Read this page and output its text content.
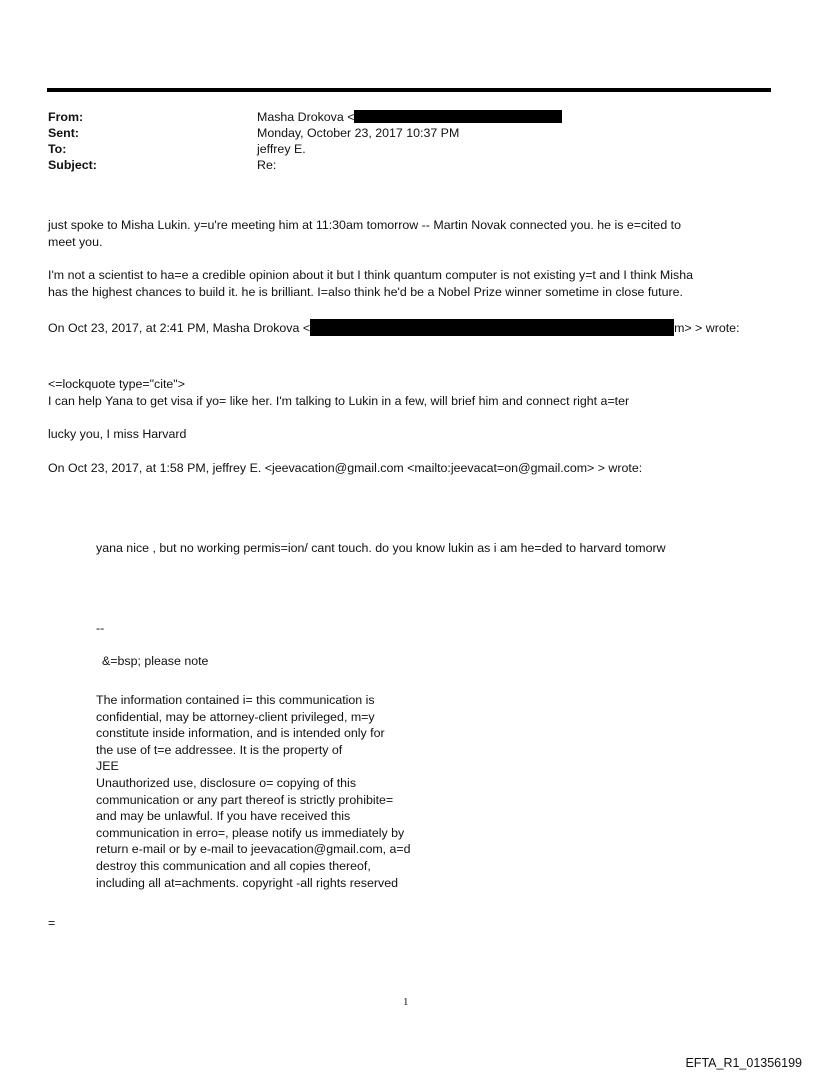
From:	Masha Drokova <
Sent:	Monday, October 23, 2017 10:37 PM
To:	jeffrey E.
Subject:	Re:
just spoke to Misha Lukin. y=u're meeting him at 11:30am tomorrow -- Martin Novak connected you. he is e=cited to
meet you.
I'm not a scientist to ha=e a credible opinion about it but I think quantum computer is not existing y=t and I think Misha
has the highest chances to build it. he is brilliant. I=also think he'd be a Nobel Prize winner sometime in close future.
On Oct 23, 2017, at 2:41 PM, Masha Drokova <	m> > wrote:
<=lockquote type="cite">
I can help Yana to get visa if yo= like her. I'm talking to Lukin in a few, will brief him and connect right a=ter
lucky you, I miss Harvard
On Oct 23, 2017, at 1:58 PM, jeffrey E. <jeevacation@gmail.com <mailto:jeevacat=on@gmail.com> > wrote:
yana nice , but no working permis=ion/ cant touch. do you know lukin as i am he=ded to harvard tomorw
--
&=bsp; please note
The information contained i= this communication is
confidential, may be attorney-client privileged, m=y
constitute inside information, and is intended only for
the use of t=e addressee. It is the property of
JEE
Unauthorized use, disclosure o= copying of this
communication or any part thereof is strictly prohibite=
and may be unlawful. If you have received this
communication in erro=, please notify us immediately by
return e-mail or by e-mail to jeevacation@gmail.com, a=d
destroy this communication and all copies thereof,
including all at=achments. copyright -all rights reserved
=
1
EFTA_R1_01356199
